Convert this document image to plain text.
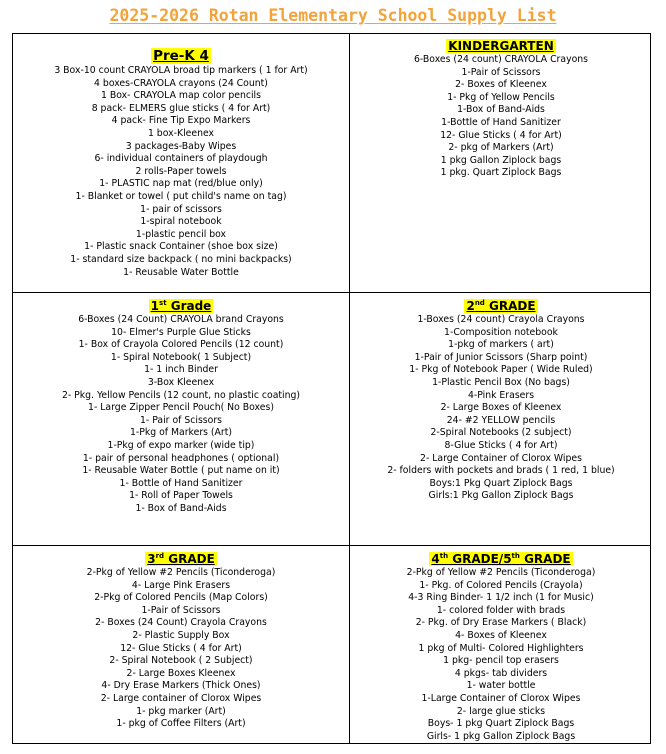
2025-2026 Rotan Elementary School Supply List
Pre-K 4
3 Box-10 count CRAYOLA broad tip markers ( 1 for Art)
4 boxes-CRAYOLA crayons (24 Count)
1 Box- CRAYOLA map color pencils
8 pack- ELMERS glue sticks ( 4 for Art)
4 pack- Fine Tip Expo Markers
1 box-Kleenex
3 packages-Baby Wipes
6- individual containers of playdough
2 rolls-Paper towels
1- PLASTIC nap mat (red/blue only)
1- Blanket or towel ( put child's name on tag)
1- pair of scissors
1-spiral notebook
1-plastic pencil box
1- Plastic snack Container (shoe box size)
1- standard size backpack ( no mini backpacks)
1- Reusable Water Bottle
KINDERGARTEN
6-Boxes (24 count) CRAYOLA Crayons
1-Pair of Scissors
2- Boxes of Kleenex
1- Pkg of Yellow Pencils
1-Box of Band-Aids
1-Bottle of Hand Sanitizer
12- Glue Sticks ( 4 for Art)
2- pkg of Markers (Art)
1 pkg Gallon Ziplock bags
1 pkg. Quart Ziplock Bags
1st Grade
6-Boxes (24 Count) CRAYOLA brand Crayons
10- Elmer's Purple Glue Sticks
1- Box of Crayola Colored Pencils (12 count)
1- Spiral Notebook( 1 Subject)
1- 1 inch Binder
3-Box Kleenex
2- Pkg. Yellow Pencils (12 count, no plastic coating)
1- Large Zipper Pencil Pouch( No Boxes)
1- Pair of Scissors
1-Pkg of Markers (Art)
1-Pkg of expo marker (wide tip)
1- pair of personal headphones ( optional)
1- Reusable Water Bottle ( put name on it)
1- Bottle of Hand Sanitizer
1- Roll of Paper Towels
1- Box of Band-Aids
2nd GRADE
1-Boxes (24 count) Crayola Crayons
1-Composition notebook
1-pkg of markers ( art)
1-Pair of Junior Scissors (Sharp point)
1- Pkg of Notebook Paper ( Wide Ruled)
1-Plastic Pencil Box (No bags)
4-Pink Erasers
2- Large Boxes of Kleenex
24- #2 YELLOW pencils
2-Spiral Notebooks (2 subject)
8-Glue Sticks ( 4 for Art)
2- Large Container of Clorox Wipes
2- folders with pockets and brads ( 1 red, 1 blue)
Boys:1 Pkg Quart Ziplock Bags
Girls:1 Pkg Gallon Ziplock Bags
3rd GRADE
2-Pkg of Yellow #2 Pencils (Ticonderoga)
4- Large Pink Erasers
2-Pkg of Colored Pencils (Map Colors)
1-Pair of Scissors
2- Boxes (24 Count) Crayola Crayons
2- Plastic Supply Box
12- Glue Sticks ( 4 for Art)
2- Spiral Notebook ( 2 Subject)
2- Large Boxes Kleenex
4- Dry Erase Markers (Thick Ones)
2- Large container of Clorox Wipes
1- pkg marker (Art)
1- pkg of Coffee Filters (Art)
4th GRADE/5th GRADE
2-Pkg of Yellow #2 Pencils (Ticonderoga)
1- Pkg. of Colored Pencils (Crayola)
4-3 Ring Binder- 1 1/2 inch (1 for Music)
1- colored folder with brads
2- Pkg. of Dry Erase Markers ( Black)
4- Boxes of Kleenex
1 pkg of Multi- Colored Highlighters
1 pkg- pencil top erasers
4 pkgs- tab dividers
1- water bottle
1-Large Container of Clorox Wipes
2- large glue sticks
Boys- 1 pkg Quart Ziplock Bags
Girls- 1 pkg Gallon Ziplock Bags
